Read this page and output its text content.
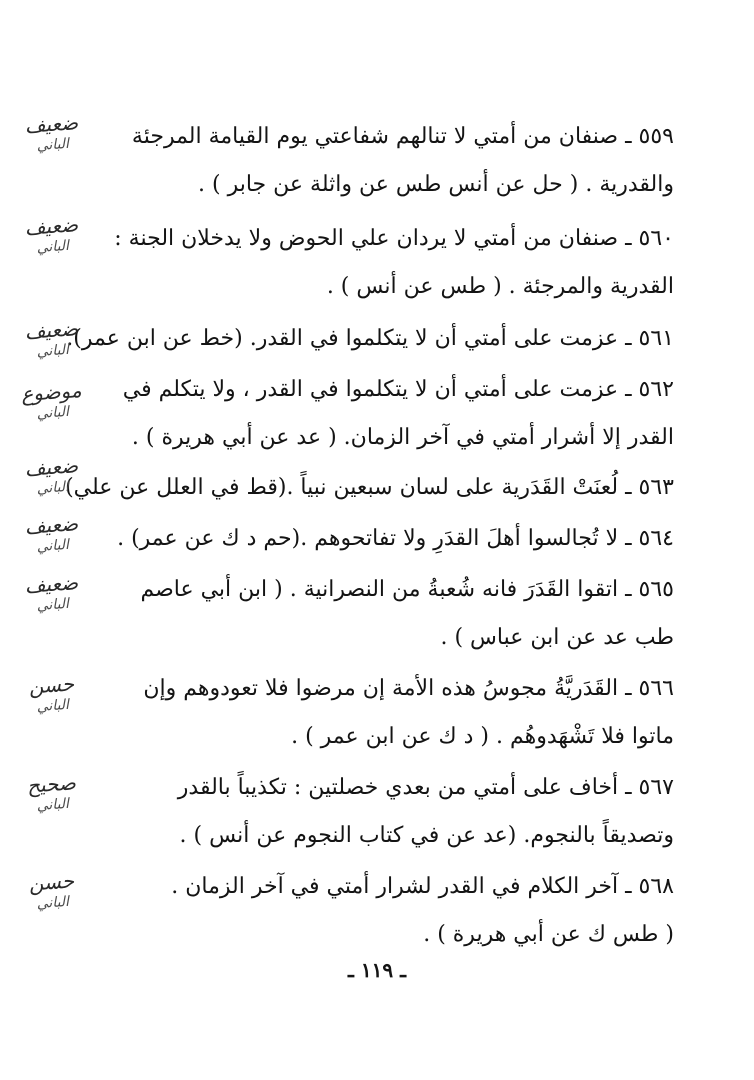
٥٥٩ ـ صنفان من أمتي لا تنالهم شفاعتي يوم القيامة المرجئة
والقدرية . ( حل عن أنس طس عن واثلة عن جابر ) .
ضعيف
الباني
٥٦٠ ـ صنفان من أمتي لا يردان علي الحوض ولا يدخلان الجنة :
القدرية والمرجئة . ( طس عن أنس ) .
ضعيف
الباني
٥٦١ ـ عزمت على أمتي أن لا يتكلموا في القدر. (خط عن ابن عمر).
ضعيف
الباني
٥٦٢ ـ عزمت على أمتي أن لا يتكلموا في القدر ، ولا يتكلم في
القدر إلا أشرار أمتي في آخر الزمان. ( عد عن أبي هريرة ) .
موضوع
الباني
٥٦٣ ـ لُعنَتْ القَدَرية على لسان سبعين نبياً .(قط في العلل عن علي)
ضعيف
الباني
٥٦٤ ـ لا تُجالسوا أهلَ القدَرِ ولا تفاتحوهم .(حم د ك عن عمر) .
ضعيف
الباني
٥٦٥ ـ اتقوا القَدَرَ فانه شُعبةُ من النصرانية . ( ابن أبي عاصم
طب عد عن ابن عباس ) .
ضعيف
الباني
٥٦٦ ـ القَدَريَّةُ مجوسُ هذه الأمة إن مرضوا فلا تعودوهم وإن
ماتوا فلا تَشْهَدوهُم . ( د ك عن ابن عمر ) .
حسن
الباني
٥٦٧ ـ أخاف على أمتي من بعدي خصلتين : تكذيباً بالقدر
وتصديقاً بالنجوم. (عد عن في كتاب النجوم عن أنس ) .
صحيح
الباني
٥٦٨ ـ آخر الكلام في القدر لشرار أمتي في آخر الزمان .
( طس ك عن أبي هريرة ) .
حسن
الباني
ـ ١١٩ ـ
